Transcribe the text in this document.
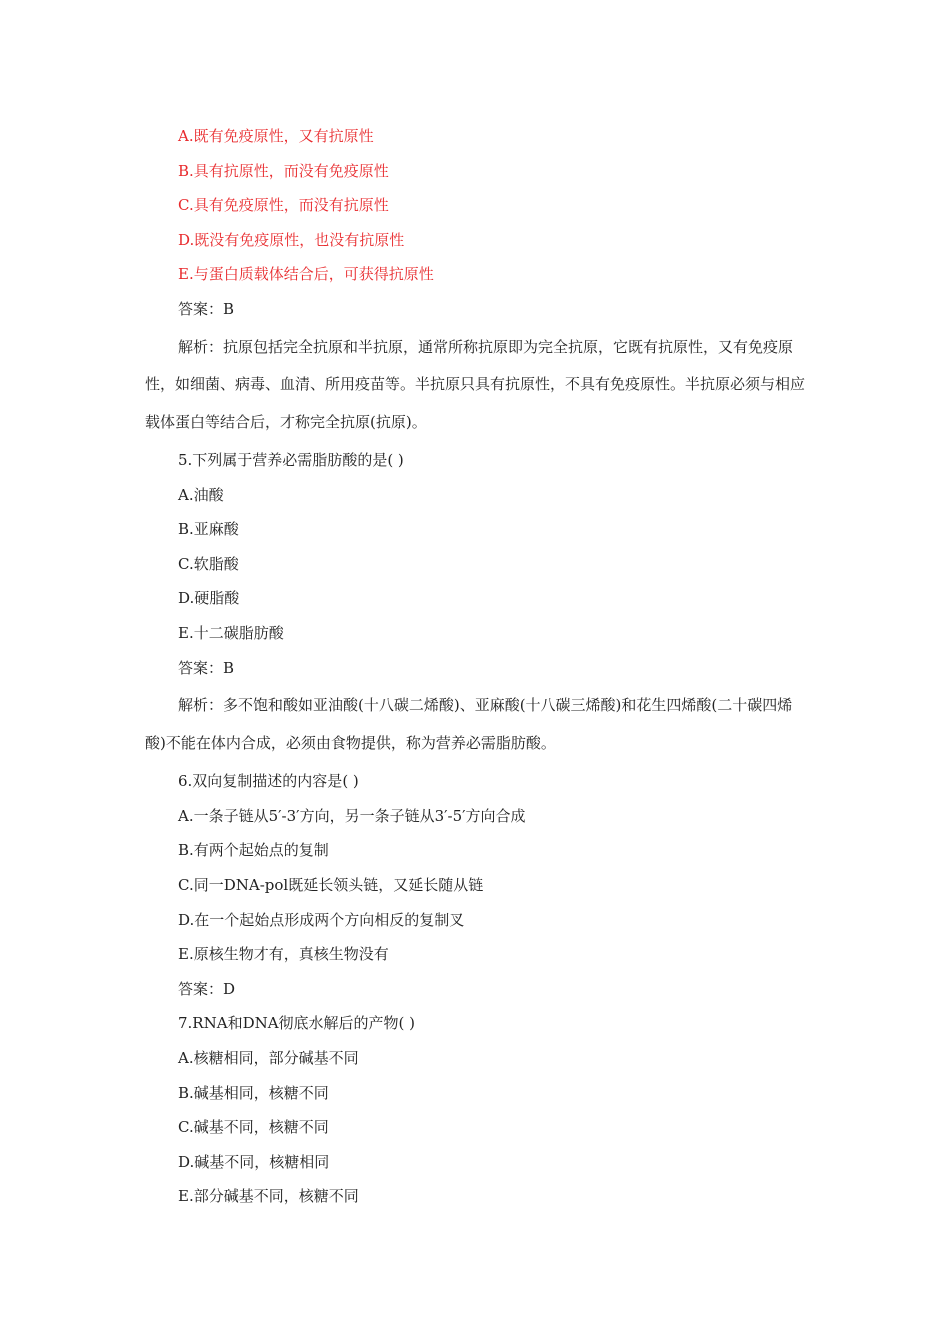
A.既有免疫原性，又有抗原性
B.具有抗原性，而没有免疫原性
C.具有免疫原性，而没有抗原性
D.既没有免疫原性，也没有抗原性
E.与蛋白质载体结合后，可获得抗原性
答案：B

解析：抗原包括完全抗原和半抗原，通常所称抗原即为完全抗原，它既有抗原性，又有免疫原性，如细菌、病毒、血清、所用疫苗等。半抗原只具有抗原性，不具有免疫原性。半抗原必须与相应载体蛋白等结合后，才称完全抗原(抗原)。

5.下列属于营养必需脂肪酸的是( )
A.油酸
B.亚麻酸
C.软脂酸
D.硬脂酸
E.十二碳脂肪酸
答案：B

解析：多不饱和酸如亚油酸(十八碳二烯酸)、亚麻酸(十八碳三烯酸)和花生四烯酸(二十碳四烯酸)不能在体内合成，必须由食物提供，称为营养必需脂肪酸。

6.双向复制描述的内容是( )
A.一条子链从5′-3′方向，另一条子链从3′-5′方向合成
B.有两个起始点的复制
C.同一DNA-pol既延长领头链，又延长随从链
D.在一个起始点形成两个方向相反的复制叉
E.原核生物才有，真核生物没有
答案：D
7.RNA和DNA彻底水解后的产物( )
A.核糖相同，部分碱基不同
B.碱基相同，核糖不同
C.碱基不同，核糖不同
D.碱基不同，核糖相同
E.部分碱基不同，核糖不同
